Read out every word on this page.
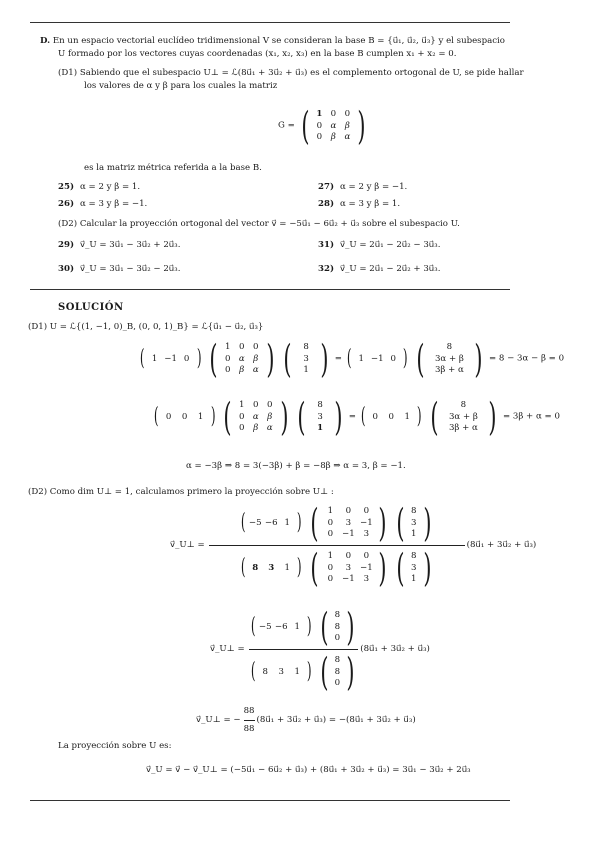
D. En un espacio vectorial euclídeo tridimensional V se consideran la base B = {u⃗₁, u⃗₂, u⃗₃} y el subespacio
U formado por los vectores cuyas coordenadas (x₁, x₂, x₃) en la base B cumplen x₁ + x₂ = 0.
(D1) Sabiendo que el subespacio U⊥ = ℒ(8u⃗₁ + 3u⃗₂ + u⃗₃) es el complemento ortogonal de U, se pide hallar
los valores de α y β para los cuales la matriz
G = ( 1 0 0
0 α	β
0	β	α )
es la matriz métrica referida a la base B.
25) α = 2 y β = 1.	27) α = 2 y β = −1.
26) α = 3 y β = −1.	28) α = 3 y β = 1.
(D2) Calcular la proyección ortogonal del vector v⃗ = −5u⃗₁ − 6u⃗₂ + u⃗₃ sobre el subespacio U.
29) v⃗_U = 3u⃗₁ − 3u⃗₂ + 2u⃗₃.	31) v⃗_U = 2u⃗₁ − 2u⃗₂ − 3u⃗₃.
30) v⃗_U = 3u⃗₁ − 3u⃗₂ − 2u⃗₃.	32) v⃗_U = 2u⃗₁ − 2u⃗₂ + 3u⃗₃.
SOLUCIÓN
(D1) U = ℒ{(1, −1, 0)_B, (0, 0, 1)_B} = ℒ{u⃗₁ − u⃗₂, u⃗₃}
( 1 −1 0 ) ( 1 0 0
0 α	β
0	β	α ) (	8
3
1 ) = ( 1 −1 0 ) (	8
3α + β
3β + α ) = 8 − 3α − β = 0
( 0	0	1 ) ( 1 0 0
0 α	β
0	β	α ) (	8
3
1 ) = ( 0	0	1 ) (	8
3α + β
3β + α ) = 3β + α = 0
α = −3β ⇒ 8 = 3(−3β) + β = −8β ⇒ α = 3, β = −1.
(D2) Como dim U⊥ = 1, calculamos primero la proyección sobre U⊥ :
v⃗_U⊥ =
( −5 −6 1 ) (	1	0	0
0	3	−1
0	−1	3 ) ( 8
3
1 )
( 8	3	1 ) (	1	0	0
0	3	−1
0	−1	3 ) ( 8
3
1 )
(8u⃗₁ + 3u⃗₂ + u⃗₃)
v⃗_U⊥ = ( −5 −6 1 ) ( 8
8
0 )
( 8	3	1 ) ( 8
8
0 ) (8u⃗₁ + 3u⃗₂ + u⃗₃)
v⃗_U⊥ = − $\frac{88}{88}$ (8u⃗₁ + 3u⃗₂ + u⃗₃) = −(8u⃗₁ + 3u⃗₂ + u⃗₃)
La proyección sobre U es:
v⃗_U = v⃗ − v⃗_U⊥ = (−5u⃗₁ − 6u⃗₂ + u⃗₃) + (8u⃗₁ + 3u⃗₂ + u⃗₃) = 3u⃗₁ − 3u⃗₂ + 2u⃗₃
